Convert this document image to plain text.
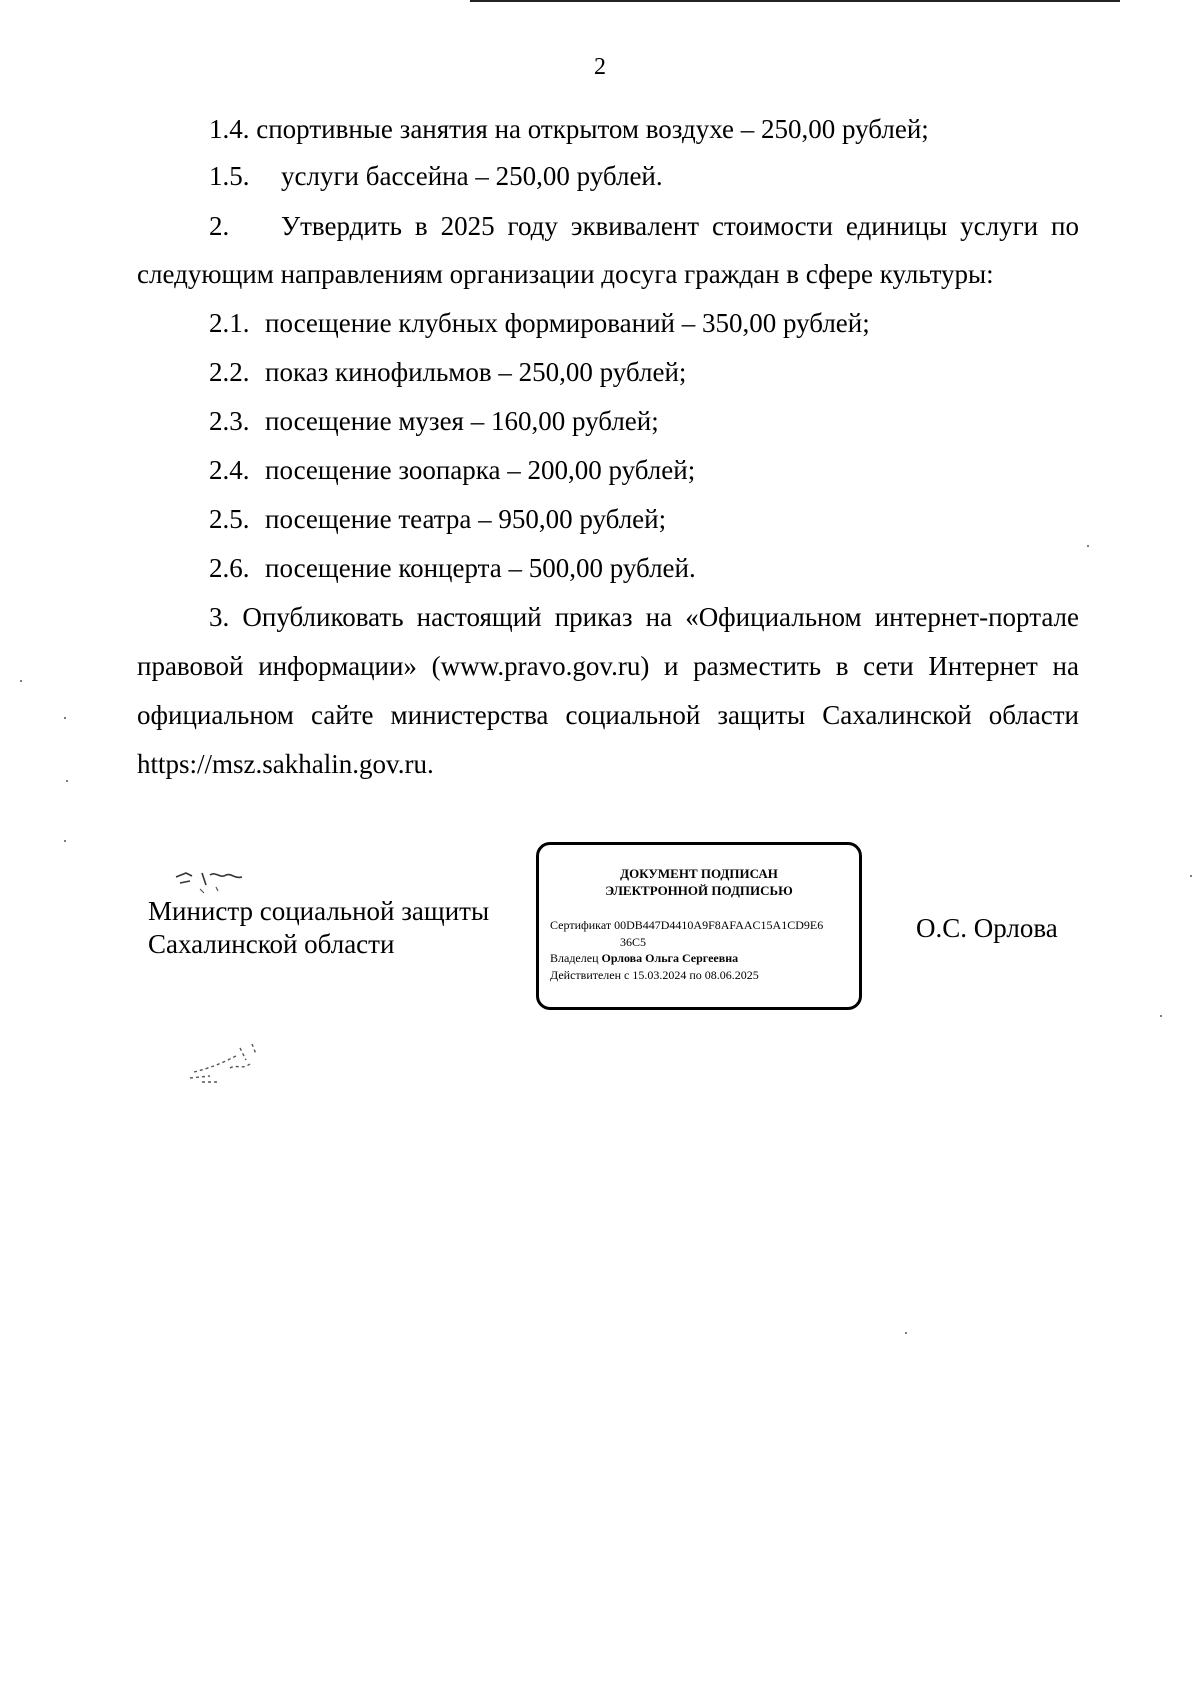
2
1.4. спортивные занятия на открытом воздухе – 250,00 рублей;
1.5. услуги бассейна – 250,00 рублей.
2. Утвердить в 2025 году эквивалент стоимости единицы услуги по
следующим направлениям организации досуга граждан в сфере культуры:
2.1. посещение клубных формирований – 350,00 рублей;
2.2. показ кинофильмов – 250,00 рублей;
2.3. посещение музея – 160,00 рублей;
2.4. посещение зоопарка – 200,00 рублей;
2.5. посещение театра – 950,00 рублей;
2.6. посещение концерта – 500,00 рублей.
3. Опубликовать настоящий приказ на «Официальном интернет-портале
правовой информации» (www.pravo.gov.ru) и разместить в сети Интернет на
официальном сайте министерства социальной защиты Сахалинской области
https://msz.sakhalin.gov.ru.
Министр социальной защиты
Сахалинской области
ДОКУМЕНТ ПОДПИСАН
ЭЛЕКТРОННОЙ ПОДПИСЬЮ
Сертификат 00DB447D4410A9F8AFAAC15A1CD9E6
36C5
Владелец Орлова Ольга Сергеевна
Действителен с 15.03.2024 по 08.06.2025
О.С. Орлова
